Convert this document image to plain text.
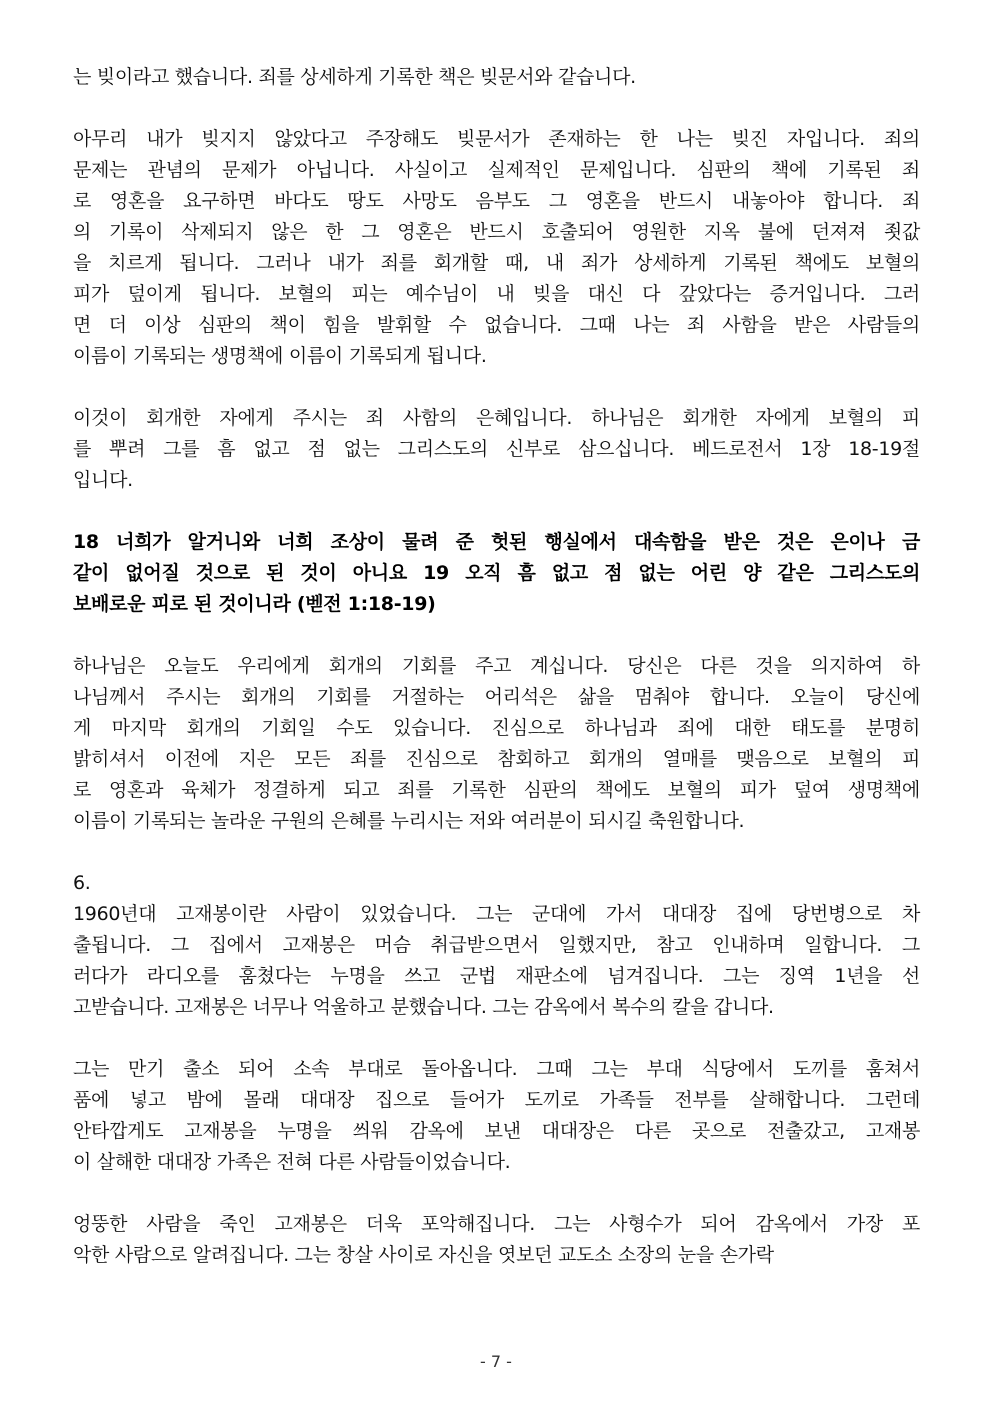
는 빚이라고 했습니다. 죄를 상세하게 기록한 책은 빚문서와 같습니다.
아무리 내가 빚지지 않았다고 주장해도 빚문서가 존재하는 한 나는 빚진 자입니다. 죄의
문제는 관념의 문제가 아닙니다. 사실이고 실제적인 문제입니다. 심판의 책에 기록된 죄
로 영혼을 요구하면 바다도 땅도 사망도 음부도 그 영혼을 반드시 내놓아야 합니다. 죄
의 기록이 삭제되지 않은 한 그 영혼은 반드시 호출되어 영원한 지옥 불에 던져져 죗값
을 치르게 됩니다. 그러나 내가 죄를 회개할 때, 내 죄가 상세하게 기록된 책에도 보혈의
피가 덮이게 됩니다. 보혈의 피는 예수님이 내 빚을 대신 다 갚았다는 증거입니다. 그러
면 더 이상 심판의 책이 힘을 발휘할 수 없습니다. 그때 나는 죄 사함을 받은 사람들의
이름이 기록되는 생명책에 이름이 기록되게 됩니다.
이것이 회개한 자에게 주시는 죄 사함의 은혜입니다. 하나님은 회개한 자에게 보혈의 피
를 뿌려 그를 흠 없고 점 없는 그리스도의 신부로 삼으십니다. 베드로전서 1장 18-19절
입니다.
18 너희가 알거니와 너희 조상이 물려 준 헛된 행실에서 대속함을 받은 것은 은이나 금
같이 없어질 것으로 된 것이 아니요 19 오직 흠 없고 점 없는 어린 양 같은 그리스도의
보배로운 피로 된 것이니라 (벧전 1:18-19)
하나님은 오늘도 우리에게 회개의 기회를 주고 계십니다. 당신은 다른 것을 의지하여 하
나님께서 주시는 회개의 기회를 거절하는 어리석은 삶을 멈춰야 합니다. 오늘이 당신에
게 마지막 회개의 기회일 수도 있습니다. 진심으로 하나님과 죄에 대한 태도를 분명히
밝히셔서 이전에 지은 모든 죄를 진심으로 참회하고 회개의 열매를 맺음으로 보혈의 피
로 영혼과 육체가 정결하게 되고 죄를 기록한 심판의 책에도 보혈의 피가 덮여 생명책에
이름이 기록되는 놀라운 구원의 은혜를 누리시는 저와 여러분이 되시길 축원합니다.
6.
1960년대 고재봉이란 사람이 있었습니다. 그는 군대에 가서 대대장 집에 당번병으로 차
출됩니다. 그 집에서 고재봉은 머슴 취급받으면서 일했지만, 참고 인내하며 일합니다. 그
러다가 라디오를 훔쳤다는 누명을 쓰고 군법 재판소에 넘겨집니다. 그는 징역 1년을 선
고받습니다. 고재봉은 너무나 억울하고 분했습니다. 그는 감옥에서 복수의 칼을 갑니다.
그는 만기 출소 되어 소속 부대로 돌아옵니다. 그때 그는 부대 식당에서 도끼를 훔쳐서
품에 넣고 밤에 몰래 대대장 집으로 들어가 도끼로 가족들 전부를 살해합니다. 그런데
안타깝게도 고재봉을 누명을 씌워 감옥에 보낸 대대장은 다른 곳으로 전출갔고, 고재봉
이 살해한 대대장 가족은 전혀 다른 사람들이었습니다.
엉뚱한 사람을 죽인 고재봉은 더욱 포악해집니다. 그는 사형수가 되어 감옥에서 가장 포
악한 사람으로 알려집니다. 그는 창살 사이로 자신을 엿보던 교도소 소장의 눈을 손가락
- 7 -
